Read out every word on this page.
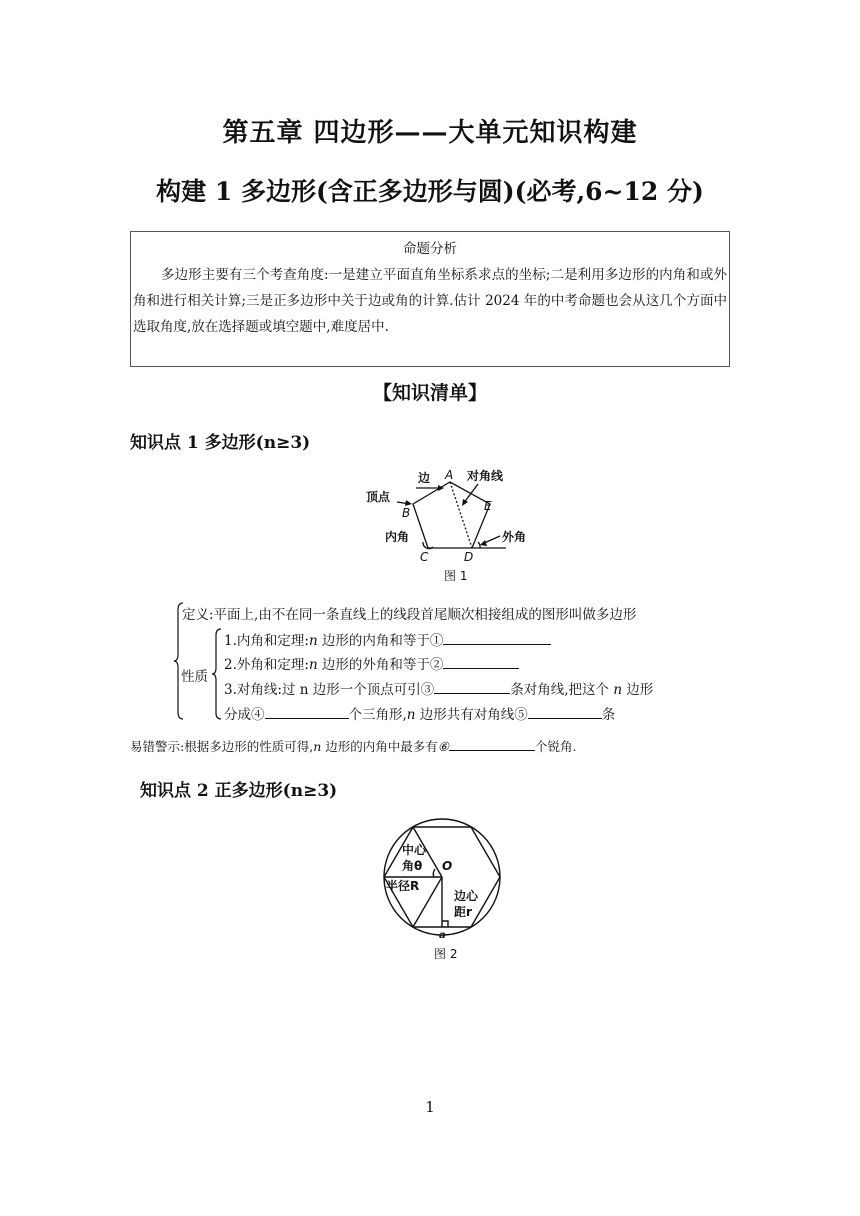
第五章 四边形——大单元知识构建
构建 1 多边形(含正多边形与圆)(必考,6~12 分)
命题分析
多边形主要有三个考查角度:一是建立平面直角坐标系求点的坐标;二是利用多边形的内角和或外角和进行相关计算;三是正多边形中关于边或角的计算.估计 2024 年的中考命题也会从这几个方面中选取角度,放在选择题或填空题中,难度居中.
【知识清单】
知识点 1 多边形(n≥3)
边 A 对角线
顶点
B	E
内角	外角
C	D
图 1
定义:平面上,由不在同一条直线上的线段首尾顺次相接组成的图形叫做多边形
性质
1.内角和定理:n 边形的内角和等于①
2.外角和定理:n 边形的外角和等于②
3.对角线:过 n 边形一个顶点可引③	条对角线,把这个 n 边形
分成④	个三角形,n 边形共有对角线⑤	条
易错警示:根据多边形的性质可得,n 边形的内角中最多有⑥	个锐角.
知识点 2 正多边形(n≥3)
中心
角θ O
半径R
边心
距r
a
图 2
1
